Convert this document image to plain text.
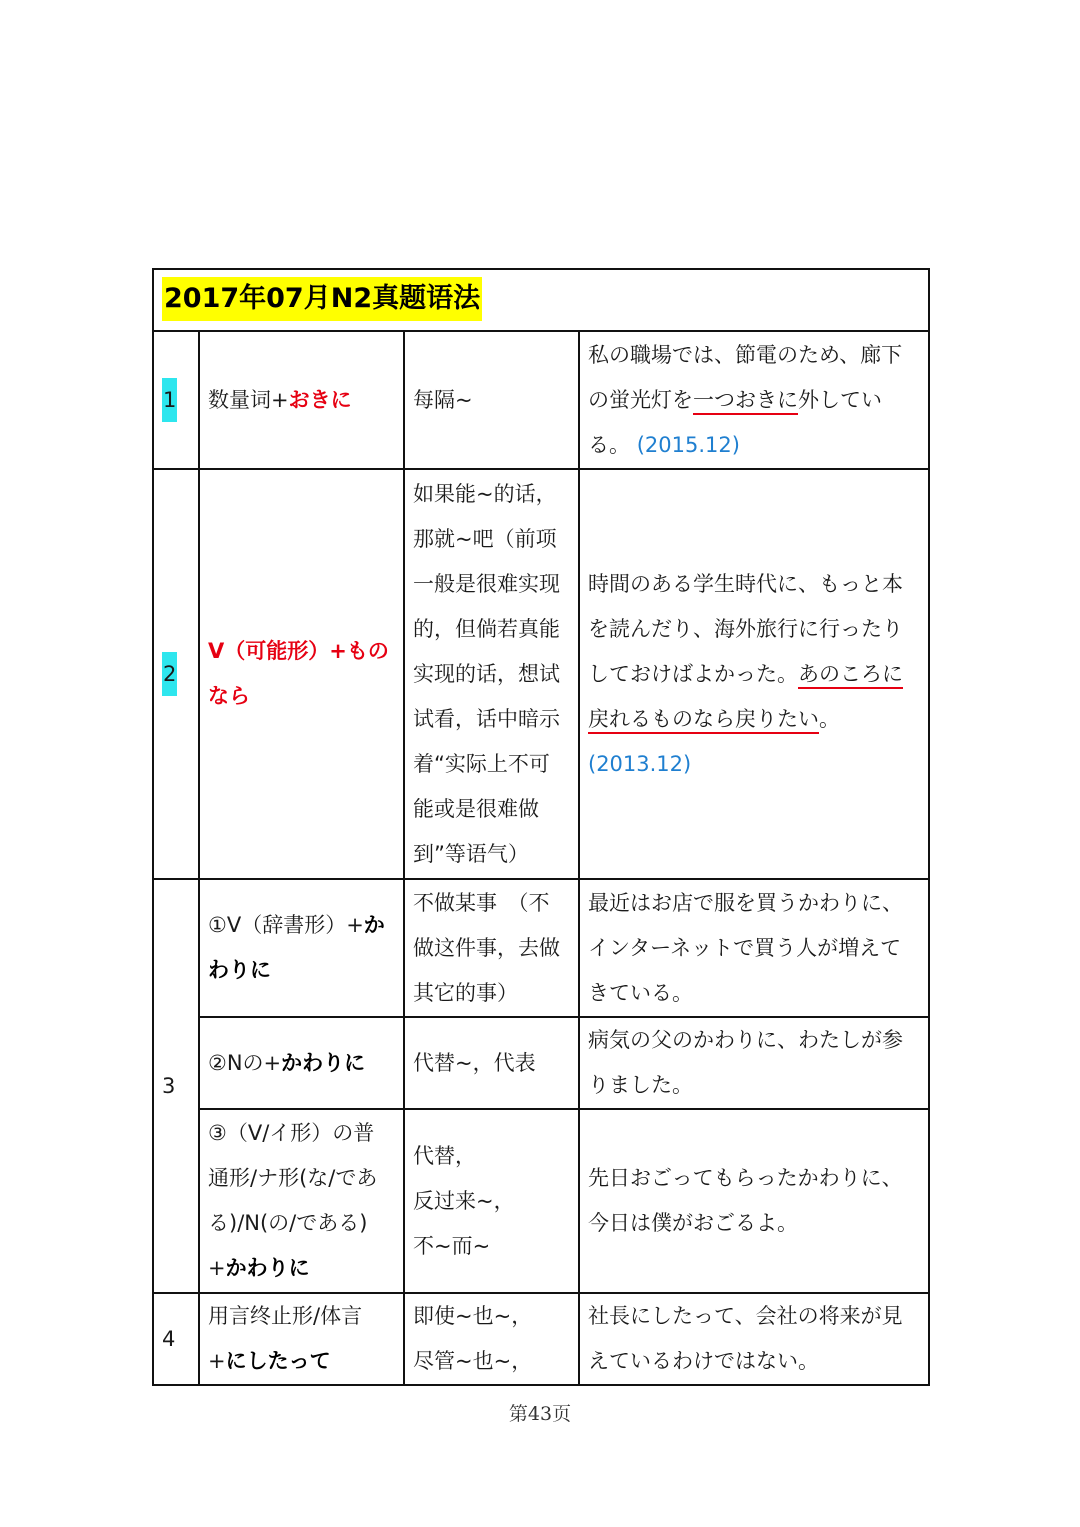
2017年07月N2真题语法			
1	数量词+おきに	每隔~	私の職場では、節電のため、廊下の蛍光灯を一つおきに外している。 (2015.12)
2	V（可能形）+ものなら	如果能~的话，那就~吧（前项一般是很难实现的，但倘若真能实现的话，想试试看，话中暗示着“实际上不可能或是很难做到”等语气）	時間のある学生時代に、もっと本を読んだり、海外旅行に行ったりしておけばよかった。あのころに戻れるものなら戻りたい。
(2013.12)
3	①V（辞書形）+かわりに	不做某事　（不做这件事，去做其它的事）	最近はお店で服を買うかわりに、インターネットで買う人が増えてきている。
	②Nの+かわりに	代替~，代表	病気の父のかわりに、わたしが参りました。
	③（V/イ形）の普通形/ナ形(な/である)/N(の/である)+かわりに	代替，
反过来~，
不~而~	先日おごってもらったかわりに、今日は僕がおごるよ。
4	用言终止形/体言+にしたって	即使~也~，
尽管~也~，	社長にしたって、会社の将来が見えているわけではない。
第43页
